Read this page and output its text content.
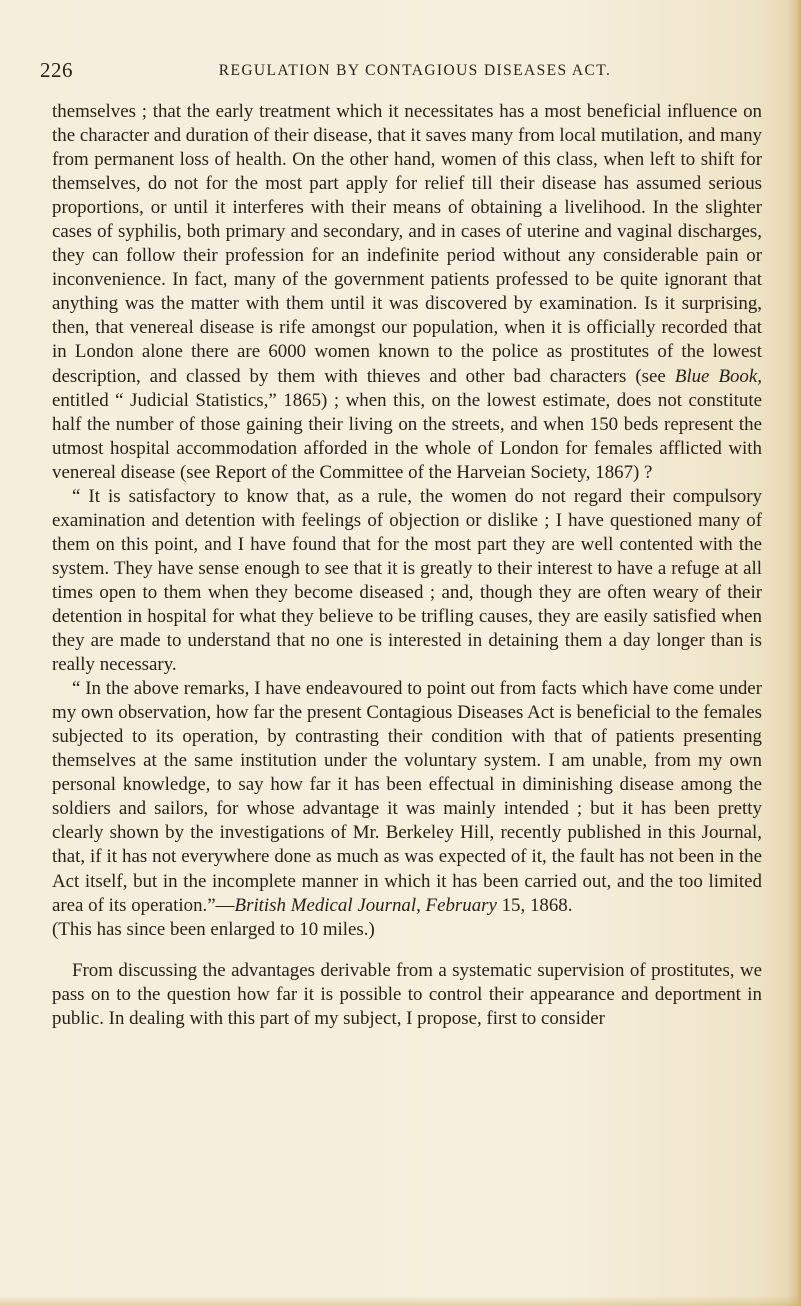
226	REGULATION BY CONTAGIOUS DISEASES ACT.

themselves ; that the early treatment which it necessitates has a most beneficial influence on the character and duration of their disease, that it saves many from local mutilation, and many from permanent loss of health. On the other hand, women of this class, when left to shift for themselves, do not for the most part apply for relief till their disease has assumed serious proportions, or until it interferes with their means of obtaining a livelihood. In the slighter cases of syphilis, both primary and secondary, and in cases of uterine and vaginal discharges, they can follow their profession for an indefinite period without any considerable pain or inconvenience. In fact, many of the government patients professed to be quite ignorant that anything was the matter with them until it was discovered by examination. Is it surprising, then, that venereal disease is rife amongst our population, when it is officially recorded that in London alone there are 6000 women known to the police as prostitutes of the lowest description, and classed by them with thieves and other bad characters (see Blue Book, entitled “ Judicial Statistics,” 1865) ; when this, on the lowest estimate, does not constitute half the number of those gaining their living on the streets, and when 150 beds represent the utmost hospital accommodation afforded in the whole of London for females afflicted with venereal disease (see Report of the Committee of the Harveian Society, 1867) ?

“ It is satisfactory to know that, as a rule, the women do not regard their compulsory examination and detention with feelings of objection or dislike ; I have questioned many of them on this point, and I have found that for the most part they are well contented with the system. They have sense enough to see that it is greatly to their interest to have a refuge at all times open to them when they become diseased ; and, though they are often weary of their detention in hospital for what they believe to be trifling causes, they are easily satisfied when they are made to understand that no one is interested in detaining them a day longer than is really necessary.

“ In the above remarks, I have endeavoured to point out from facts which have come under my own observation, how far the present Contagious Diseases Act is beneficial to the females subjected to its operation, by contrasting their condition with that of patients presenting themselves at the same institution under the voluntary system. I am unable, from my own personal knowledge, to say how far it has been effectual in diminishing disease among the soldiers and sailors, for whose advantage it was mainly intended ; but it has been pretty clearly shown by the investigations of Mr. Berkeley Hill, recently published in this Journal, that, if it has not everywhere done as much as was expected of it, the fault has not been in the Act itself, but in the incomplete manner in which it has been carried out, and the too limited area of its operation.”—British Medical Journal, February 15, 1868.

(This has since been enlarged to 10 miles.)

From discussing the advantages derivable from a systematic supervision of prostitutes, we pass on to the question how far it is possible to control their appearance and deportment in public. In dealing with this part of my subject, I propose, first to consider
